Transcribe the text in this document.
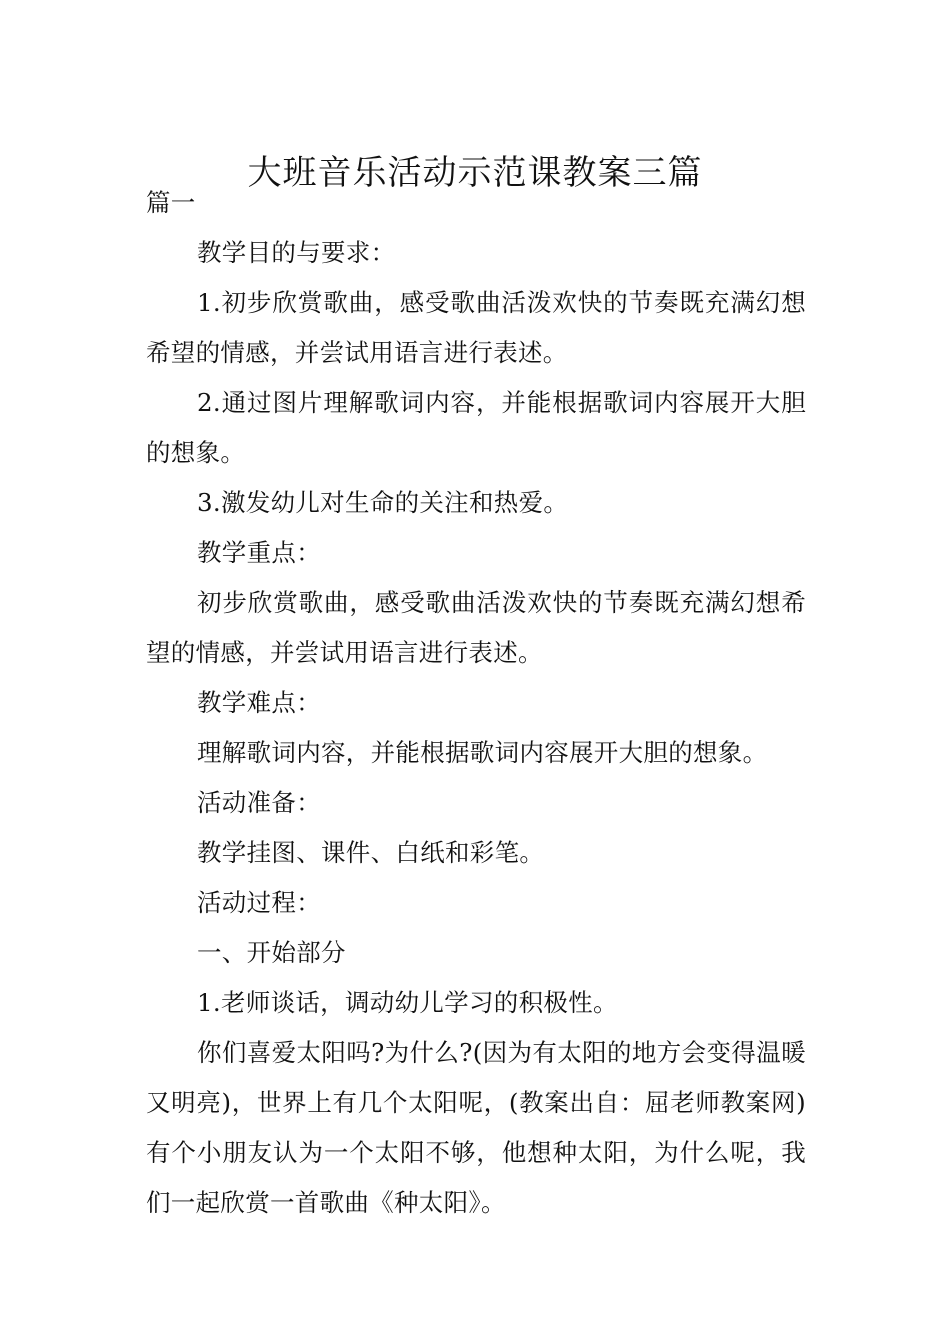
大班音乐活动示范课教案三篇

篇一

教学目的与要求：

1.初步欣赏歌曲，感受歌曲活泼欢快的节奏既充满幻想希望的情感，并尝试用语言进行表述。

2.通过图片理解歌词内容，并能根据歌词内容展开大胆的想象。

3.激发幼儿对生命的关注和热爱。

教学重点：

初步欣赏歌曲，感受歌曲活泼欢快的节奏既充满幻想希望的情感，并尝试用语言进行表述。

教学难点：

理解歌词内容，并能根据歌词内容展开大胆的想象。

活动准备：

教学挂图、课件、白纸和彩笔。

活动过程：

一、开始部分

1.老师谈话，调动幼儿学习的积极性。

你们喜爱太阳吗?为什么?(因为有太阳的地方会变得温暖又明亮)，世界上有几个太阳呢，(教案出自：屈老师教案网)有个小朋友认为一个太阳不够，他想种太阳，为什么呢，我们一起欣赏一首歌曲《种太阳》。
